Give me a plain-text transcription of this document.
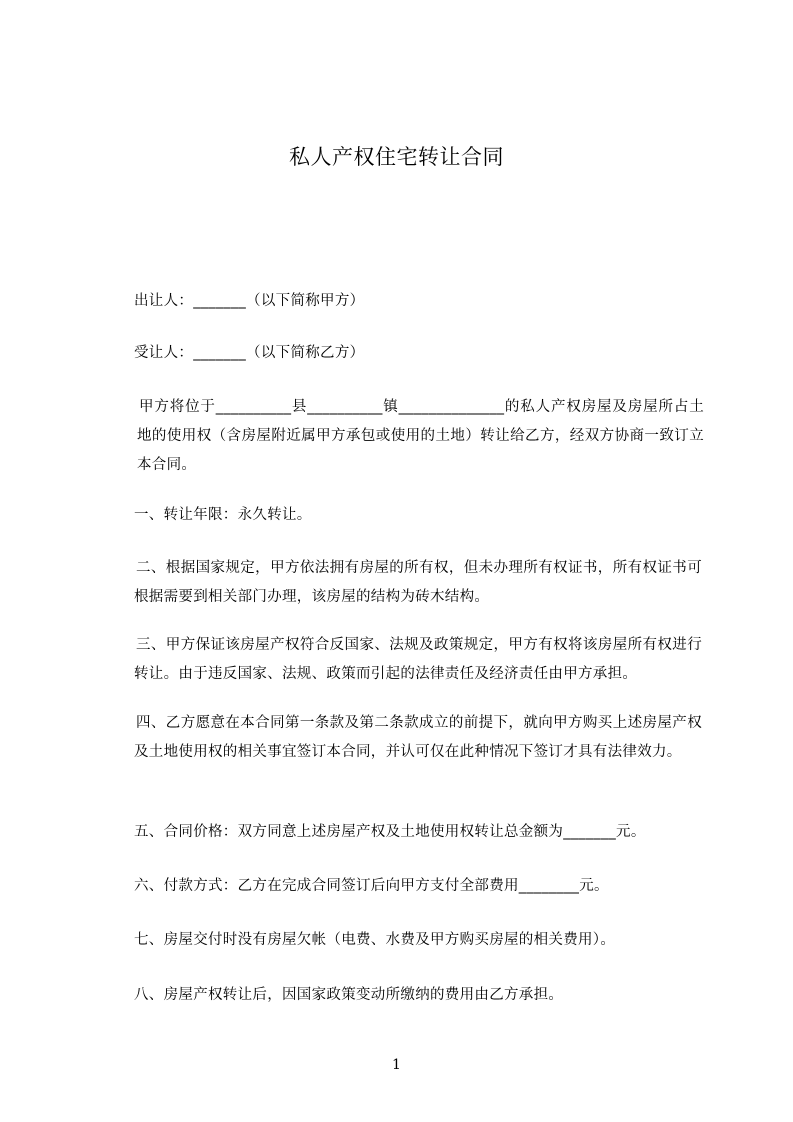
私人产权住宅转让合同
出让人：_______（以下简称甲方）
受让人：_______（以下简称乙方）
甲方将位于__________县__________镇______________的私人产权房屋及房屋所占土地的使用权（含房屋附近属甲方承包或使用的土地）转让给乙方，经双方协商一致订立本合同。
一、转让年限：永久转让。
二、根据国家规定，甲方依法拥有房屋的所有权，但未办理所有权证书，所有权证书可根据需要到相关部门办理，该房屋的结构为砖木结构。
三、甲方保证该房屋产权符合反国家、法规及政策规定，甲方有权将该房屋所有权进行转让。由于违反国家、法规、政策而引起的法律责任及经济责任由甲方承担。
四、乙方愿意在本合同第一条款及第二条款成立的前提下，就向甲方购买上述房屋产权及土地使用权的相关事宜签订本合同，并认可仅在此种情况下签订才具有法律效力。
五、合同价格：双方同意上述房屋产权及土地使用权转让总金额为_______元。
六、付款方式：乙方在完成合同签订后向甲方支付全部费用________元。
七、房屋交付时没有房屋欠帐（电费、水费及甲方购买房屋的相关费用）。
八、房屋产权转让后，因国家政策变动所缴纳的费用由乙方承担。
1
